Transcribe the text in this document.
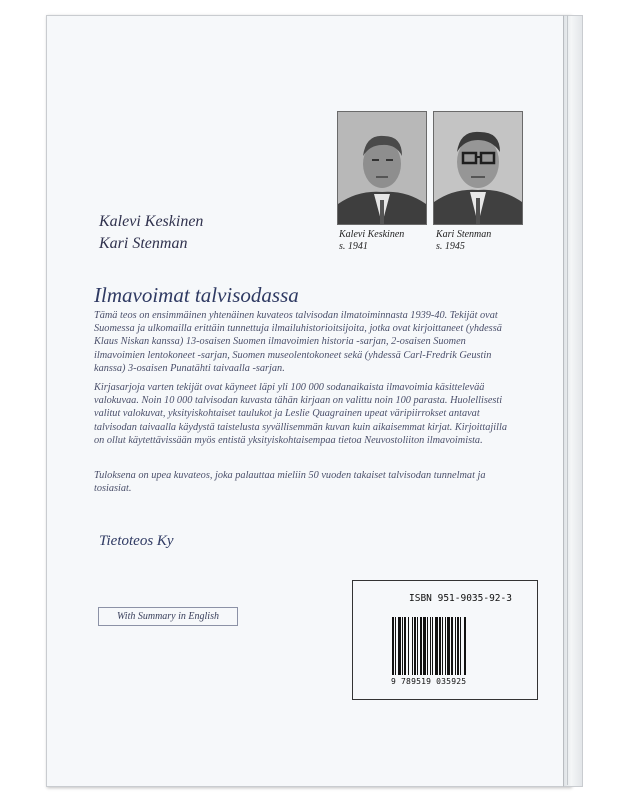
Kalevi Keskinen
Kari Stenman
Kalevi Keskinen
s. 1941
Kari Stenman
s. 1945
Ilmavoimat talvisodassa
Tämä teos on ensimmäinen yhtenäinen kuvateos talvisodan ilmatoiminnasta 1939-40. Tekijät ovat Suomessa ja ulkomailla erittäin tunnettuja ilmailuhistorioitsijoita, jotka ovat kirjoittaneet (yhdessä Klaus Niskan kanssa) 13-osaisen Suomen ilmavoimien historia -sarjan, 2-osaisen Suomen ilmavoimien lentokoneet -sarjan, Suomen museolentokoneet sekä (yhdessä Carl-Fredrik Geustin kanssa) 3-osaisen Punatähti taivaalla -sarjan.
Kirjasarjoja varten tekijät ovat käyneet läpi yli 100 000 sodanaikaista ilmavoimia käsittelevää valokuvaa. Noin 10 000 talvisodan kuvasta tähän kirjaan on valittu noin 100 parasta. Huolellisesti valitut valokuvat, yksityiskohtaiset taulukot ja Leslie Quagrainen upeat väripiirrokset antavat talvisodan taivaalla käydystä taistelusta syvällisemmän kuvan kuin aikaisemmat kirjat. Kirjoittajilla on ollut käytettävissään myös entistä yksityiskohtaisempaa tietoa Neuvostoliiton ilmavoimista.
Tuloksena on upea kuvateos, joka palauttaa mieliin 50 vuoden takaiset talvisodan tunnelmat ja tosiasiat.
Tietoteos Ky
With Summary in English
ISBN 951-9035-92-3
9 789519 035925
